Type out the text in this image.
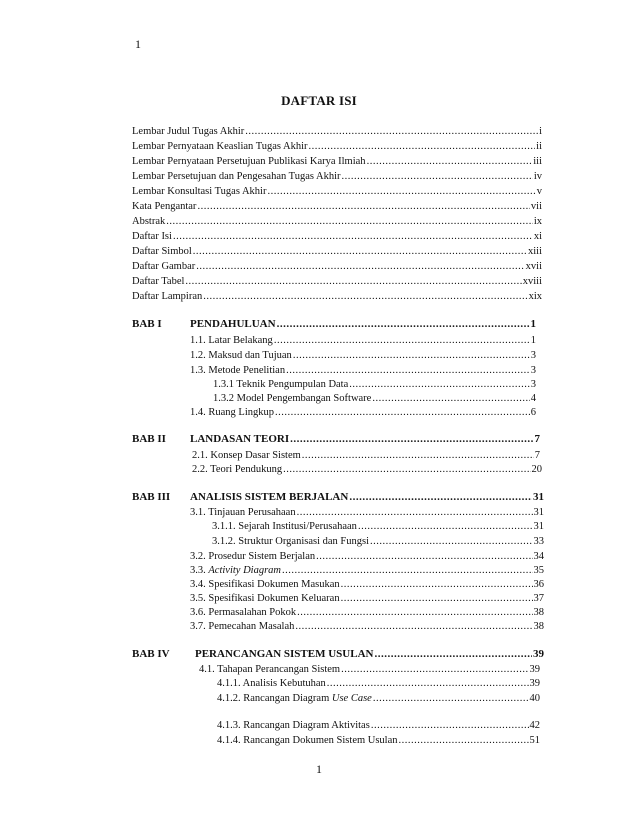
1
DAFTAR ISI
Lembar Judul Tugas Akhir .....	i
Lembar Pernyataan Keaslian Tugas Akhir .....	ii
Lembar Pernyataan Persetujuan Publikasi Karya Ilmiah .....	iii
Lembar Persetujuan dan Pengesahan Tugas Akhir .....	iv
Lembar Konsultasi Tugas Akhir .....	v
Kata Pengantar .....	vii
Abstrak .....	ix
Daftar Isi .....	xi
Daftar Simbol .....	xiii
Daftar Gambar .....	xvii
Daftar Tabel .....	xviii
Daftar Lampiran .....	xix
BAB I	PENDAHULUAN .....	1
1.1. Latar Belakang .....	1
1.2. Maksud dan Tujuan .....	3
1.3. Metode Penelitian .....	3
1.3.1 Teknik Pengumpulan Data .....	3
1.3.2 Model Pengembangan Software .....	4
1.4. Ruang Lingkup .....	6
BAB II LANDASAN TEORI .....	7
2.1. Konsep Dasar Sistem .....	7
2.2. Teori Pendukung .....	20
BAB III ANALISIS SISTEM BERJALAN .....	31
3.1. Tinjauan Perusahaan .....	31
3.1.1. Sejarah Institusi/Perusahaan .....	31
3.1.2. Struktur Organisasi dan Fungsi .....	33
3.2. Prosedur Sistem Berjalan .....	34
3.3. Activity Diagram .....	35
3.4. Spesifikasi Dokumen Masukan .....	36
3.5. Spesifikasi Dokumen Keluaran .....	37
3.6. Permasalahan Pokok .....	38
3.7. Pemecahan Masalah .....	38
BAB IV PERANCANGAN SISTEM USULAN .....	39
4.1. Tahapan Perancangan Sistem .....	39
4.1.1. Analisis Kebutuhan .....	39
4.1.2. Rancangan Diagram Use Case .....	40
4.1.3. Rancangan Diagram Aktivitas .....	42
4.1.4. Rancangan Dokumen Sistem Usulan .....	51
1
